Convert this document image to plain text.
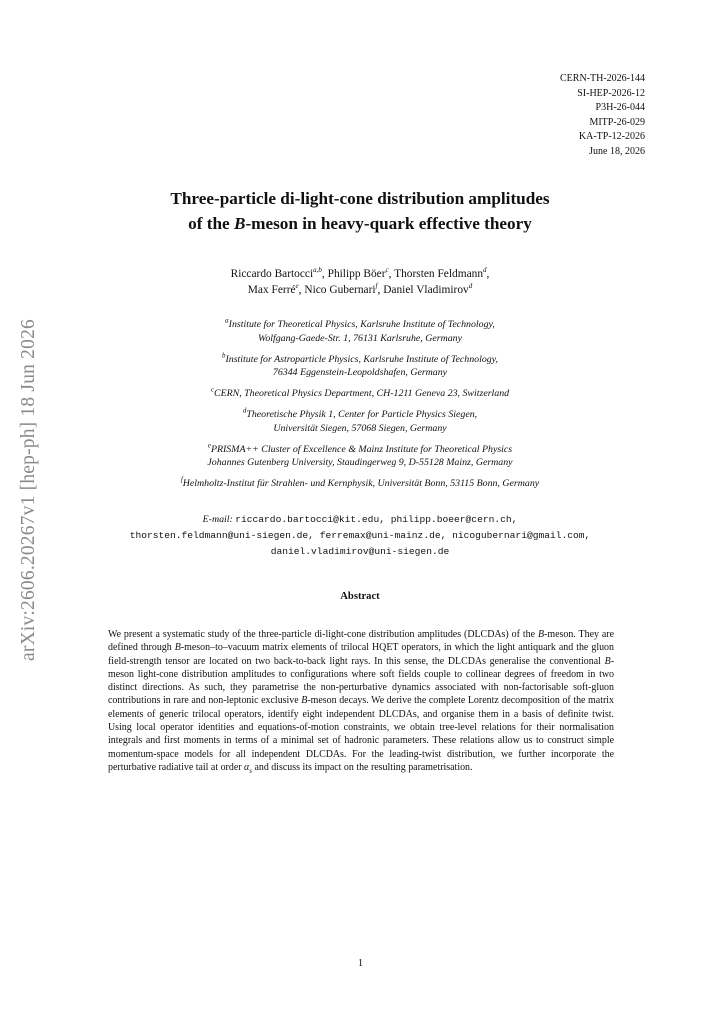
arXiv:2606.20267v1 [hep-ph] 18 Jun 2026
CERN-TH-2026-144
SI-HEP-2026-12
P3H-26-044
MITP-26-029
KA-TP-12-2026
June 18, 2026
Three-particle di-light-cone distribution amplitudes
of the B-meson in heavy-quark effective theory
Riccardo Bartocci$^{a,b}$, Philipp Böer$^c$, Thorsten Feldmann$^d$,
Max Ferré$^e$, Nico Gubernari$^f$, Daniel Vladimirov$^d$
$^a$Institute for Theoretical Physics, Karlsruhe Institute of Technology,
Wolfgang-Gaede-Str. 1, 76131 Karlsruhe, Germany
$^b$Institute for Astroparticle Physics, Karlsruhe Institute of Technology,
76344 Eggenstein-Leopoldshafen, Germany
$^c$CERN, Theoretical Physics Department, CH-1211 Geneva 23, Switzerland
$^d$Theoretische Physik 1, Center for Particle Physics Siegen,
Universität Siegen, 57068 Siegen, Germany
$^e$PRISMA++ Cluster of Excellence & Mainz Institute for Theoretical Physics
Johannes Gutenberg University, Staudingerweg 9, D-55128 Mainz, Germany
$^f$Helmholtz-Institut für Strahlen- und Kernphysik, Universität Bonn, 53115 Bonn, Germany
E-mail: riccardo.bartocci@kit.edu, philipp.boeer@cern.ch,
thorsten.feldmann@uni-siegen.de, ferremax@uni-mainz.de, nicogubernari@gmail.com,
daniel.vladimirov@uni-siegen.de
Abstract
We present a systematic study of the three-particle di-light-cone distribution amplitudes (DLCDAs) of the B-meson. They are defined through B-meson–to–vacuum matrix elements of trilocal HQET operators, in which the light antiquark and the gluon field-strength tensor are located on two back-to-back light rays. In this sense, the DLCDAs generalise the conventional B-meson light-cone distribution amplitudes to configurations where soft fields couple to collinear degrees of freedom in two distinct directions. As such, they parametrise the non-perturbative dynamics associated with non-factorisable soft-gluon contributions in rare and non-leptonic exclusive B-meson decays. We derive the complete Lorentz decomposition of the matrix elements of generic trilocal operators, identify eight independent DLCDAs, and organise them in a basis of definite twist. Using local operator identities and equations-of-motion constraints, we obtain tree-level relations for their normalisation integrals and first moments in terms of a minimal set of hadronic parameters. These relations allow us to construct simple momentum-space models for all independent DLCDAs. For the leading-twist distribution, we further incorporate the perturbative radiative tail at order $\alpha_s$ and discuss its impact on the resulting parametrisation.
1
